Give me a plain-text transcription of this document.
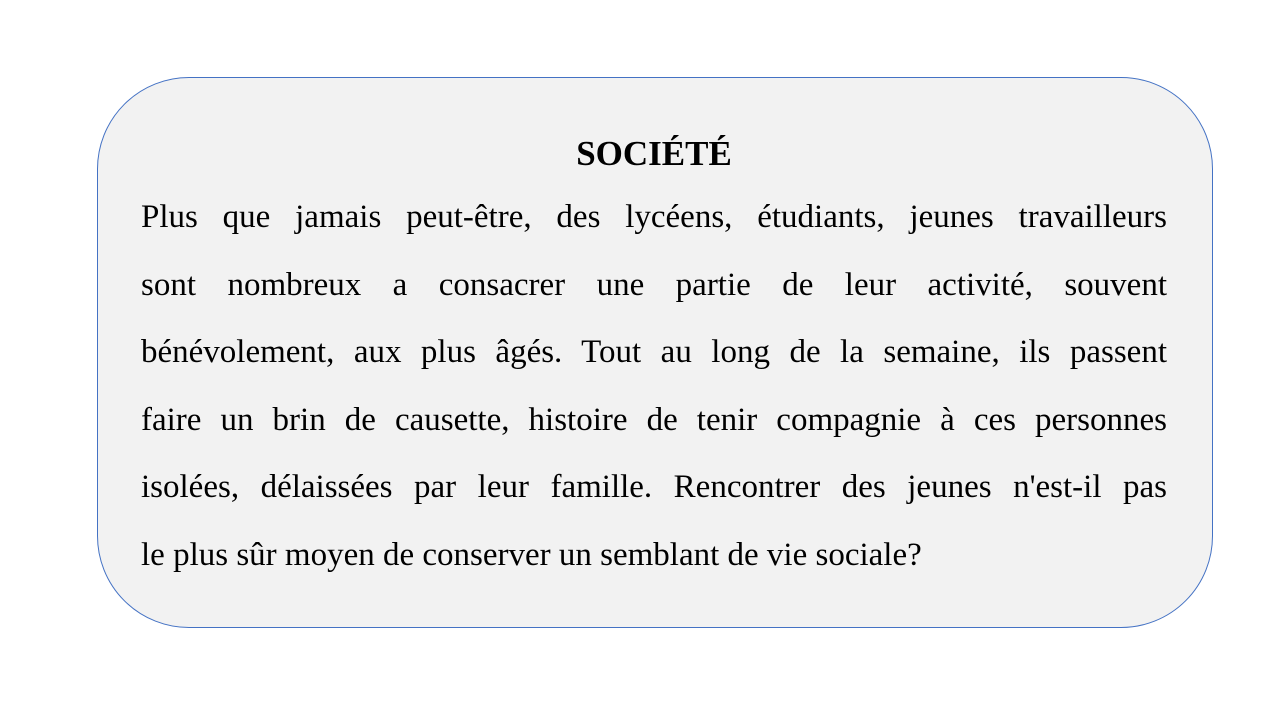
SOCIÉTÉ
Plus que jamais peut-être, des lycéens, étudiants, jeunes travailleurs
sont nombreux a consacrer une partie de leur activité, souvent
bénévolement, aux plus âgés. Tout au long de la semaine, ils passent
faire un brin de causette, histoire de tenir compagnie à ces personnes
isolées, délaissées par leur famille. Rencontrer des jeunes n'est-il pas
le plus sûr moyen de conserver un semblant de vie sociale?
